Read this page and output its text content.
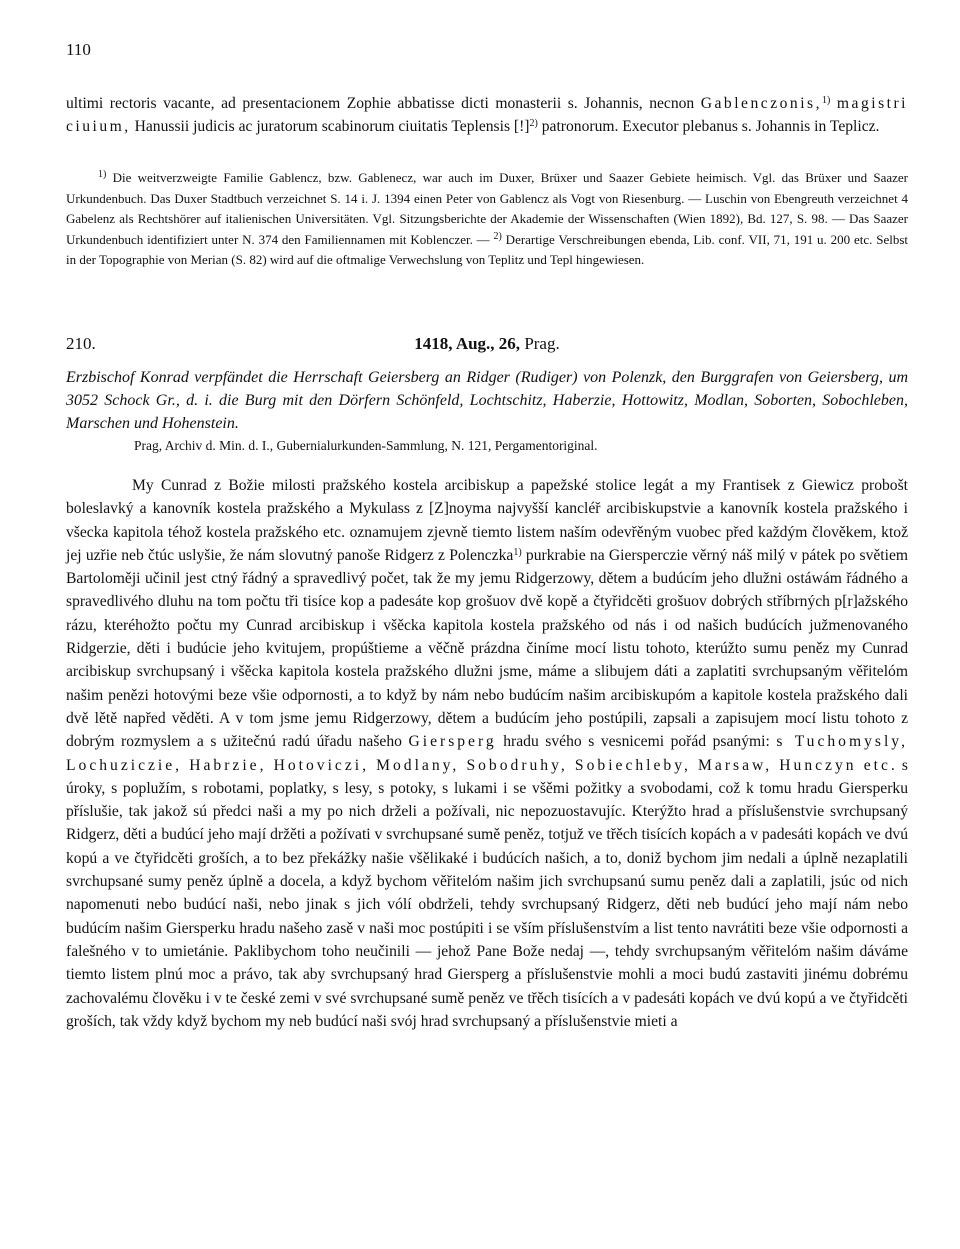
110
ultimi rectoris vacante, ad presentacionem Zophie abbatisse dicti monasterii s. Johannis, necnon Gablenczonis,$^{1)}$ magistri ciuium, Hanussii judicis ac juratorum scabinorum ciuitatis Teplensis [!]$^{2)}$ patronorum. Executor plebanus s. Johannis in Teplicz.

$^{1)}$ Die weitverzweigte Familie Gablencz, bzw. Gablenecz, war auch im Duxer, Brüxer und Saazer Gebiete heimisch. Vgl. das Brüxer und Saazer Urkundenbuch. Das Duxer Stadtbuch verzeichnet S. 14 i. J. 1394 einen Peter von Gablencz als Vogt von Riesenburg. — Luschin von Ebengreuth verzeichnet 4 Gabelenz als Rechtshörer auf italienischen Universitäten. Vgl. Sitzungsberichte der Akademie der Wissenschaften (Wien 1892), Bd. 127, S. 98. — Das Saazer Urkundenbuch identifiziert unter N. 374 den Familiennamen mit Koblenczer. — $^{2)}$ Derartige Verschreibungen ebenda, Lib. conf. VII, 71, 191 u. 200 etc. Selbst in der Topographie von Merian (S. 82) wird auf die oftmalige Verwechslung von Teplitz und Tepl hingewiesen.

210.	1418, Aug., 26, Prag.
Erzbischof Konrad verpfändet die Herrschaft Geiersberg an Ridger (Rudiger) von Polenzk, den Burggrafen von Geiersberg, um 3052 Schock Gr., d. i. die Burg mit den Dörfern Schönfeld, Lochtschitz, Haberzie, Hottowitz, Modlan, Soborten, Sobochleben, Marschen und Hohenstein.
Prag, Archiv d. Min. d. I., Gubernialurkunden-Sammlung, N. 121, Pergamentoriginal.

My Cunrad z Božie milosti pražského kostela arcibiskup a papežské stolice legát a my Frantisek z Giewicz probošt boleslavký a kanovník kostela pražského a Mykulass z [Z]noyma najvyšší kancléř arcibiskupstvie a kanovník kostela pražského i všecka kapitola téhož kostela pražského etc. oznamujem zjevně tiemto listem naším odevřěným vuobec před každým člověkem, ktož jej uzřie neb čtúc uslyšie, že nám slovutný panoše Ridgerz z Polenczka$^{1)}$ purkrabie na Giersperczie věrný náš milý v pátek po světiem Bartoloměji učinil jest ctný řádný a spravedlivý počet, tak že my jemu Ridgerzowy, dětem a budúcím jeho dlužni ostáwám řádného a spravedlivého dluhu na tom počtu tři tisíce kop a padesáte kop grošuov dvě kopě a čtyřidcěti grošuov dobrých stříbrných p[r]ažského rázu, kteréhožto počtu my Cunrad arcibiskup i všěcka kapitola kostela pražského od nás i od našich budúcích južmenovaného Ridgerzie, děti i budúcie jeho kvitujem, propúštieme a věčně prázdna činíme mocí listu tohoto, kterúžto sumu peněz my Cunrad arcibiskup svrchupsaný i všěcka kapitola kostela pražského dlužni jsme, máme a slibujem dáti a zaplatiti svrchupsaným věřitelóm našim penězi hotovými beze všie odpornosti, a to když by nám nebo budúcím našim arcibiskupóm a kapitole kostela pražského dali dvě lětě napřed věděti. A v tom jsme jemu Ridgerzowy, dětem a budúcím jeho postúpili, zapsali a zapisujem mocí listu tohoto z dobrým rozmyslem a s užitečnú radú úřadu našeho Giersperg hradu svého s vesnicemi pořád psanými: s Tuchomysly, Lochuziczie, Habrzie, Hotoviczi, Modlany, Sobodruhy, Sobiechleby, Marsaw, Hunczyn etc. s úroky, s poplužím, s robotami, poplatky, s lesy, s potoky, s lukami i se všěmi požitky a svobodami, což k tomu hradu Giersperku příslušie, tak jakož sú předci naši a my po nich drželi a požívali, nic nepozuostavujíc. Kterýžto hrad a příslušenstvie svrchupsaný Ridgerz, děti a budúcí jeho mají držěti a požívati v svrchupsané sumě peněz, totjuž ve třěch tisících kopách a v padesáti kopách ve dvú kopú a ve čtyřidcěti groších, a to bez překážky našie všělikaké i budúcích našich, a to, doniž bychom jim nedali a úplně nezaplatili svrchupsané sumy peněz úplně a docela, a když bychom věřitelóm našim jich svrchupsanú sumu peněz dali a zaplatili, jsúc od nich napomenuti nebo budúcí naši, nebo jinak s jich vólí obdrželi, tehdy svrchupsaný Ridgerz, děti neb budúcí jeho mají nám nebo budúcím našim Giersperku hradu našeho zasě v naši moc postúpiti i se vším příslušenstvím a list tento navrátiti beze všie odpornosti a falešného v to umietánie. Paklibychom toho neučinili — jehož Pane Bože nedaj —, tehdy svrchupsaným věřitelóm našim dáváme tiemto listem plnú moc a právo, tak aby svrchupsaný hrad Giersperg a příslušenstvie mohli a moci budú zastaviti jinému dobrému zachovalému člověku i v te české zemi v své svrchupsané sumě peněz ve třěch tisících a v padesáti kopách ve dvú kopú a ve čtyřidcěti groších, tak vždy když bychom my neb budúcí naši svój hrad svrchupsaný a příslušenstvie mieti a
